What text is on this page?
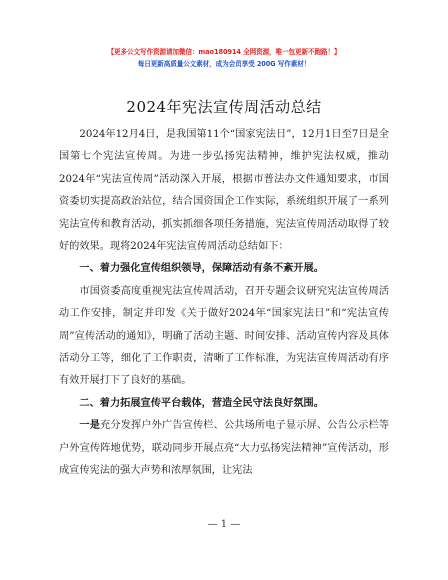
【更多公文写作资源请加微信：mao180914 全网资源，唯一包更新不跑路！】
每日更新高质量公文素材，成为会员享受 200G 写作素材！
2024年宪法宣传周活动总结

2024年12月4日，是我国第11个“国家宪法日”，12月1日至7日是全国第七个宪法宣传周。为进一步弘扬宪法精神，维护宪法权威，推动2024年“宪法宣传周”活动深入开展，根据市普法办文件通知要求，市国资委切实提高政治站位，结合国资国企工作实际，系统组织开展了一系列宪法宣传和教育活动，抓实抓细各项任务措施，宪法宣传周活动取得了较好的效果。现将2024年宪法宣传周活动总结如下：

一、着力强化宣传组织领导，保障活动有条不紊开展。

市国资委高度重视宪法宣传周活动，召开专题会议研究宪法宣传周活动工作安排，制定并印发《关于做好2024年“国家宪法日”和“宪法宣传周”宣传活动的通知》，明确了活动主题、时间安排、活动宣传内容及具体活动分工等，细化了工作职责，清晰了工作标准，为宪法宣传周活动有序有效开展打下了良好的基础。

二、着力拓展宣传平台载体，营造全民守法良好氛围。

一是充分发挥户外广告宣传栏、公共场所电子显示屏、公告公示栏等户外宣传阵地优势，联动同步开展点亮“大力弘扬宪法精神”宣传活动，形成宣传宪法的强大声势和浓厚氛围，让宪法

— 1 —
